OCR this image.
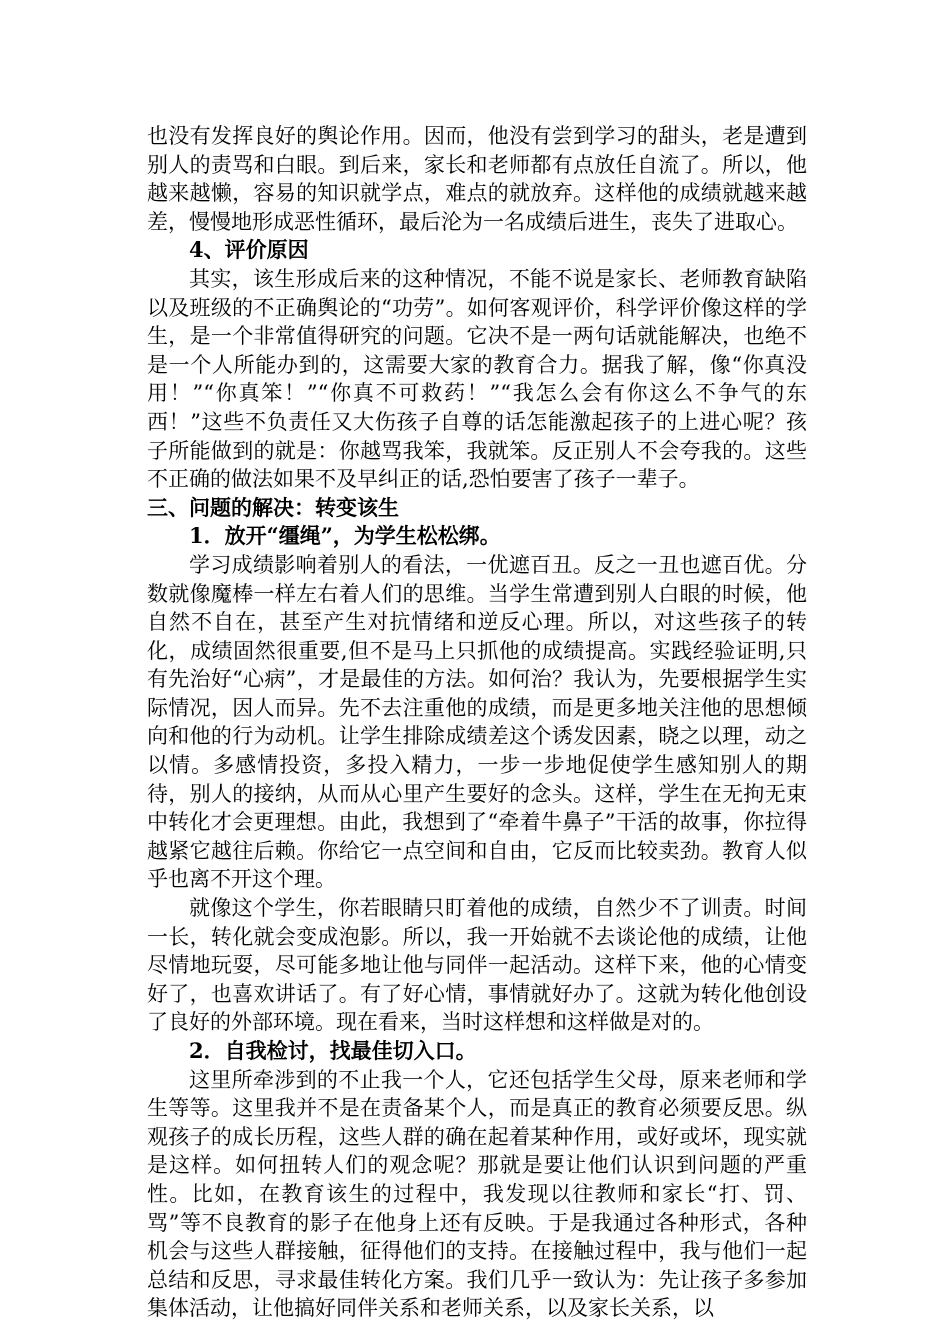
也没有发挥良好的舆论作用。因而，他没有尝到学习的甜头，老是遭到别人的责骂和白眼。到后来，家长和老师都有点放任自流了。所以，他越来越懒，容易的知识就学点，难点的就放弃。这样他的成绩就越来越差，慢慢地形成恶性循环，最后沦为一名成绩后进生，丧失了进取心。

4、评价原因

其实，该生形成后来的这种情况，不能不说是家长、老师教育缺陷以及班级的不正确舆论的“功劳”。如何客观评价，科学评价像这样的学生，是一个非常值得研究的问题。它决不是一两句话就能解决，也绝不是一个人所能办到的，这需要大家的教育合力。据我了解，像“你真没用！”“你真笨！”“你真不可救药！”“我怎么会有你这么不争气的东西！”这些不负责任又大伤孩子自尊的话怎能激起孩子的上进心呢？孩子所能做到的就是：你越骂我笨，我就笨。反正别人不会夸我的。这些不正确的做法如果不及早纠正的话,恐怕要害了孩子一辈子。

三、问题的解决：转变该生

1．放开“缰绳”，为学生松松绑。

学习成绩影响着别人的看法，一优遮百丑。反之一丑也遮百优。分数就像魔棒一样左右着人们的思维。当学生常遭到别人白眼的时候，他自然不自在，甚至产生对抗情绪和逆反心理。所以，对这些孩子的转化，成绩固然很重要,但不是马上只抓他的成绩提高。实践经验证明,只有先治好“心病”，才是最佳的方法。如何治？我认为，先要根据学生实际情况，因人而异。先不去注重他的成绩，而是更多地关注他的思想倾向和他的行为动机。让学生排除成绩差这个诱发因素，晓之以理，动之以情。多感情投资，多投入精力，一步一步地促使学生感知别人的期待，别人的接纳，从而从心里产生要好的念头。这样，学生在无拘无束中转化才会更理想。由此，我想到了“牵着牛鼻子”干活的故事，你拉得越紧它越往后赖。你给它一点空间和自由，它反而比较卖劲。教育人似乎也离不开这个理。

就像这个学生，你若眼睛只盯着他的成绩，自然少不了训责。时间一长，转化就会变成泡影。所以，我一开始就不去谈论他的成绩，让他尽情地玩耍，尽可能多地让他与同伴一起活动。这样下来，他的心情变好了，也喜欢讲话了。有了好心情，事情就好办了。这就为转化他创设了良好的外部环境。现在看来，当时这样想和这样做是对的。

2．自我检讨，找最佳切入口。

这里所牵涉到的不止我一个人，它还包括学生父母，原来老师和学生等等。这里我并不是在责备某个人，而是真正的教育必须要反思。纵观孩子的成长历程，这些人群的确在起着某种作用，或好或坏，现实就是这样。如何扭转人们的观念呢？那就是要让他们认识到问题的严重性。比如，在教育该生的过程中，我发现以往教师和家长“打、罚、骂”等不良教育的影子在他身上还有反映。于是我通过各种形式，各种机会与这些人群接触，征得他们的支持。在接触过程中，我与他们一起总结和反思，寻求最佳转化方案。我们几乎一致认为：先让孩子多参加集体活动，让他搞好同伴关系和老师关系，以及家长关系，以
